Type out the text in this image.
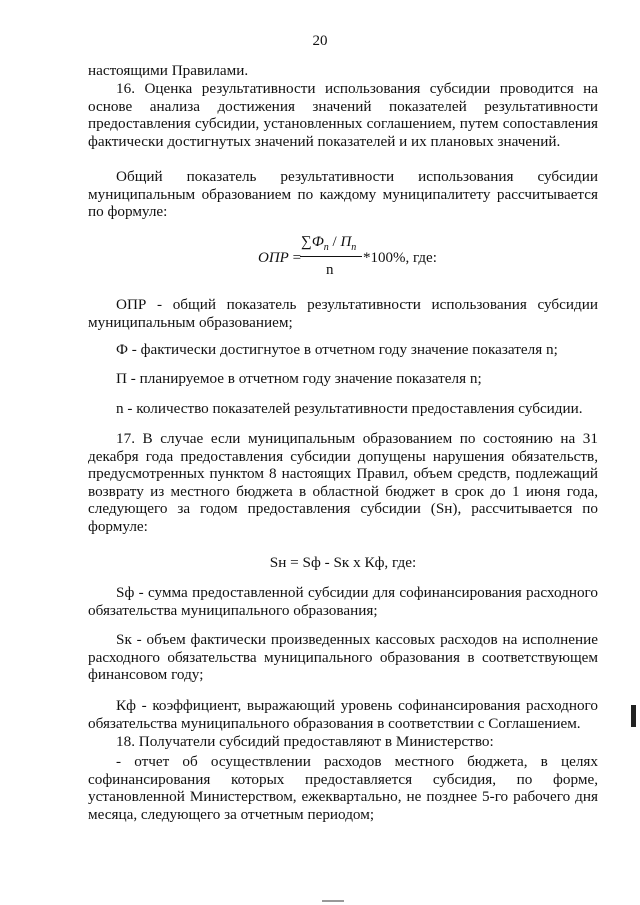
20

настоящими Правилами.

16. Оценка результативности использования субсидии проводится на основе анализа достижения значений показателей результативности предоставления субсидии, установленных соглашением, путем сопоставления фактически достигнутых значений показателей и их плановых значений.

Общий показатель результативности использования субсидии муниципальным образованием по каждому муниципалитету рассчитывается по формуле:

ОПР =
$\sum Ф_n / П_n$
n
*100%, где:

ОПР - общий показатель результативности использования субсидии муниципальным образованием;

Ф - фактически достигнутое в отчетном году значение показателя n;

П - планируемое в отчетном году значение показателя n;

n - количество показателей результативности предоставления субсидии.

17. В случае если муниципальным образованием по состоянию на 31 декабря года предоставления субсидии допущены нарушения обязательств, предусмотренных пунктом 8 настоящих Правил, объем средств, подлежащий возврату из местного бюджета в областной бюджет в срок до 1 июня года, следующего за годом предоставления субсидии (Sн), рассчитывается по формуле:

Sн = Sф - Sк x Кф, где:

Sф - сумма предоставленной субсидии для софинансирования расходного обязательства муниципального образования;

Sк - объем фактически произведенных кассовых расходов на исполнение расходного обязательства муниципального образования в соответствующем финансовом году;

Кф - коэффициент, выражающий уровень софинансирования расходного обязательства муниципального образования в соответствии с Соглашением.

18. Получатели субсидий предоставляют в Министерство:

- отчет об осуществлении расходов местного бюджета, в целях софинансирования которых предоставляется субсидия, по форме, установленной Министерством, ежеквартально, не позднее 5-го рабочего дня месяца, следующего за отчетным периодом;
